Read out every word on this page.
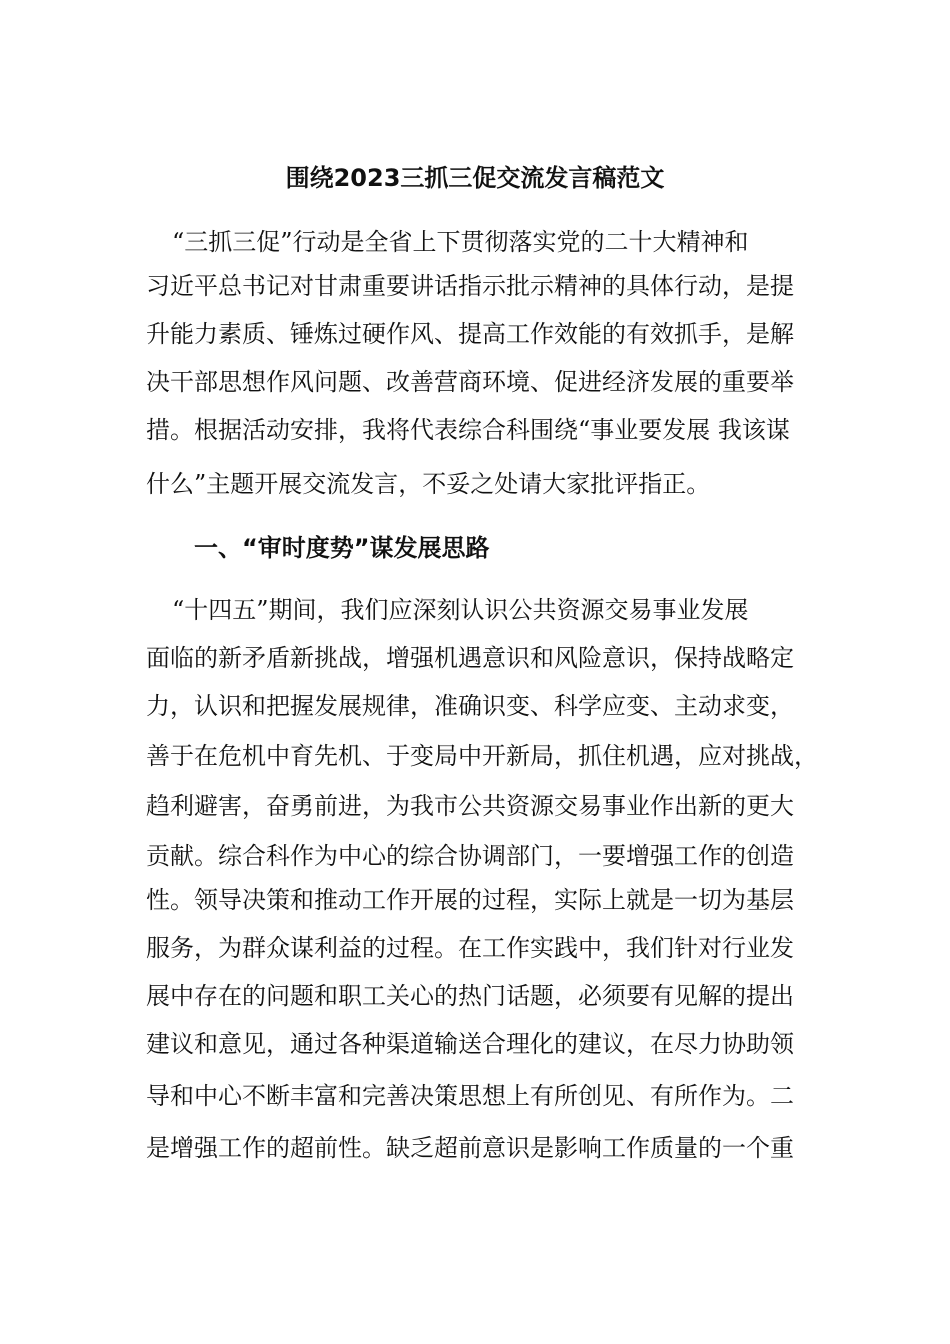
围绕2023三抓三促交流发言稿范文

“三抓三促”行动是全省上下贯彻落实党的二十大精神和

习近平总书记对甘肃重要讲话指示批示精神的具体行动，是提

升能力素质、锤炼过硬作风、提高工作效能的有效抓手，是解

决干部思想作风问题、改善营商环境、促进经济发展的重要举

措。根据活动安排，我将代表综合科围绕“事业要发展 我该谋

什么”主题开展交流发言，不妥之处请大家批评指正。

一、“审时度势”谋发展思路

“十四五”期间，我们应深刻认识公共资源交易事业发展

面临的新矛盾新挑战，增强机遇意识和风险意识，保持战略定

力，认识和把握发展规律，准确识变、科学应变、主动求变，

善于在危机中育先机、于变局中开新局，抓住机遇，应对挑战，

趋利避害，奋勇前进，为我市公共资源交易事业作出新的更大

贡献。综合科作为中心的综合协调部门，一要增强工作的创造

性。领导决策和推动工作开展的过程，实际上就是一切为基层

服务，为群众谋利益的过程。在工作实践中，我们针对行业发

展中存在的问题和职工关心的热门话题，必须要有见解的提出

建议和意见，通过各种渠道输送合理化的建议，在尽力协助领

导和中心不断丰富和完善决策思想上有所创见、有所作为。二

是增强工作的超前性。缺乏超前意识是影响工作质量的一个重
